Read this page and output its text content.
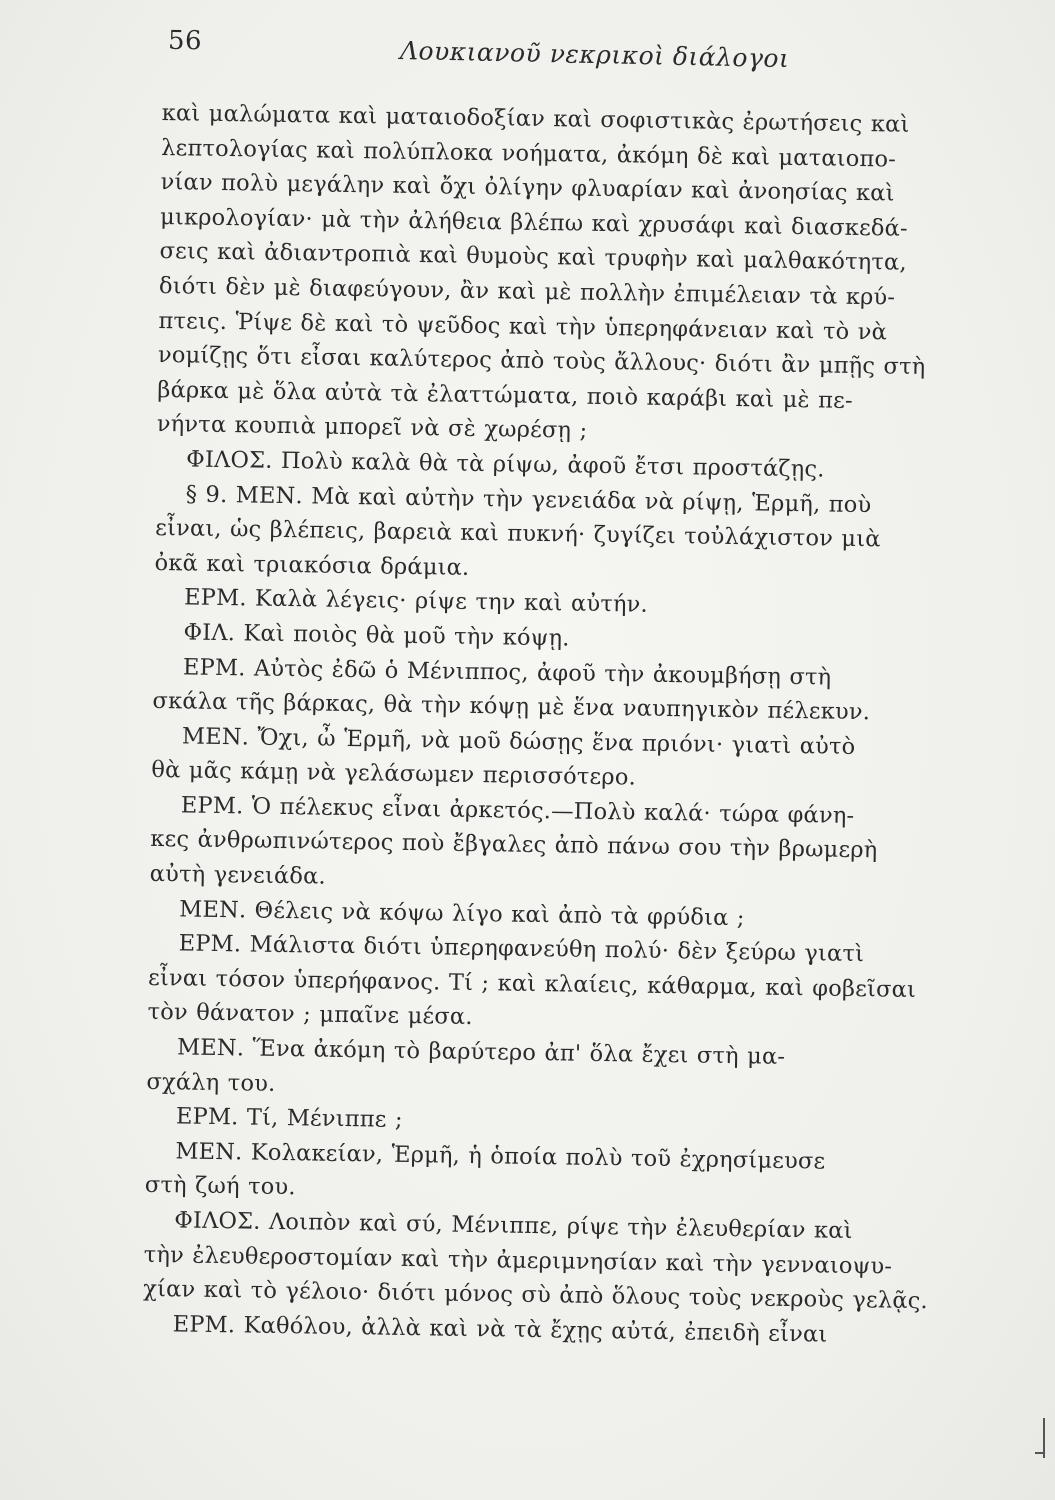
56	Λουκιανοῦ νεκρικοὶ διάλογοι
καὶ μαλώματα καὶ ματαιοδοξίαν καὶ σοφιστικὰς ἐρωτήσεις καὶ
λεπτολογίας καὶ πολύπλοκα νοήματα, ἀκόμη δὲ καὶ ματαιοπο-
νίαν πολὺ μεγάλην καὶ ὄχι ὀλίγην φλυαρίαν καὶ ἀνοησίας καὶ
μικρολογίαν· μὰ τὴν ἀλήθεια βλέπω καὶ χρυσάφι καὶ διασκεδά-
σεις καὶ ἀδιαντροπιὰ καὶ θυμοὺς καὶ τρυφὴν καὶ μαλθακότητα,
διότι δὲν μὲ διαφεύγουν, ἂν καὶ μὲ πολλὴν ἐπιμέλειαν τὰ κρύ-
πτεις. Ῥίψε δὲ καὶ τὸ ψεῦδος καὶ τὴν ὑπερηφάνειαν καὶ τὸ νὰ
νομίζῃς ὅτι εἶσαι καλύτερος ἀπὸ τοὺς ἄλλους· διότι ἂν μπῇς στὴ
βάρκα μὲ ὅλα αὐτὰ τὰ ἐλαττώματα, ποιὸ καράβι καὶ μὲ πε-
νήντα κουπιὰ μπορεῖ νὰ σὲ χωρέσῃ ;
ΦΙΛΟΣ. Πολὺ καλὰ θὰ τὰ ρίψω, ἀφοῦ ἔτσι προστάζῃς.
§ 9. ΜΕΝ. Μὰ καὶ αὐτὴν τὴν γενειάδα νὰ ρίψῃ, Ἑρμῆ, ποὺ
εἶναι, ὡς βλέπεις, βαρειὰ καὶ πυκνή· ζυγίζει τοὐλάχιστον μιὰ
ὀκᾶ καὶ τριακόσια δράμια.
ΕΡΜ. Καλὰ λέγεις· ρίψε την καὶ αὐτήν.
ΦΙΛ. Καὶ ποιὸς θὰ μοῦ τὴν κόψῃ.
ΕΡΜ. Αὐτὸς ἐδῶ ὁ Μένιππος, ἀφοῦ τὴν ἀκουμβήσῃ στὴ
σκάλα τῆς βάρκας, θὰ τὴν κόψῃ μὲ ἕνα ναυπηγικὸν πέλεκυν.
ΜΕΝ. Ὄχι, ὦ Ἑρμῆ, νὰ μοῦ δώσῃς ἕνα πριόνι· γιατὶ αὐτὸ
θὰ μᾶς κάμῃ νὰ γελάσωμεν περισσότερο.
ΕΡΜ. Ὁ πέλεκυς εἶναι ἀρκετός.—Πολὺ καλά· τώρα φάνη-
κες ἀνθρωπινώτερος ποὺ ἔβγαλες ἀπὸ πάνω σου τὴν βρωμερὴ
αὐτὴ γενειάδα.
ΜΕΝ. Θέλεις νὰ κόψω λίγο καὶ ἀπὸ τὰ φρύδια ;
ΕΡΜ. Μάλιστα διότι ὑπερηφανεύθη πολύ· δὲν ξεύρω γιατὶ
εἶναι τόσον ὑπερήφανος. Τί ; καὶ κλαίεις, κάθαρμα, καὶ φοβεῖσαι
τὸν θάνατον ; μπαῖνε μέσα.
ΜΕΝ. Ἕνα ἀκόμη τὸ βαρύτερο ἀπ' ὅλα ἔχει στὴ μα-
σχάλη του.
ΕΡΜ. Τί, Μένιππε ;
ΜΕΝ. Κολακείαν, Ἑρμῆ, ἡ ὁποία πολὺ τοῦ ἐχρησίμευσε
στὴ ζωή του.
ΦΙΛΟΣ. Λοιπὸν καὶ σύ, Μένιππε, ρίψε τὴν ἐλευθερίαν καὶ
τὴν ἐλευθεροστομίαν καὶ τὴν ἀμεριμνησίαν καὶ τὴν γενναιοψυ-
χίαν καὶ τὸ γέλοιο· διότι μόνος σὺ ἀπὸ ὅλους τοὺς νεκροὺς γελᾷς.
ΕΡΜ. Καθόλου, ἀλλὰ καὶ νὰ τὰ ἔχῃς αὐτά, ἐπειδὴ εἶναι
